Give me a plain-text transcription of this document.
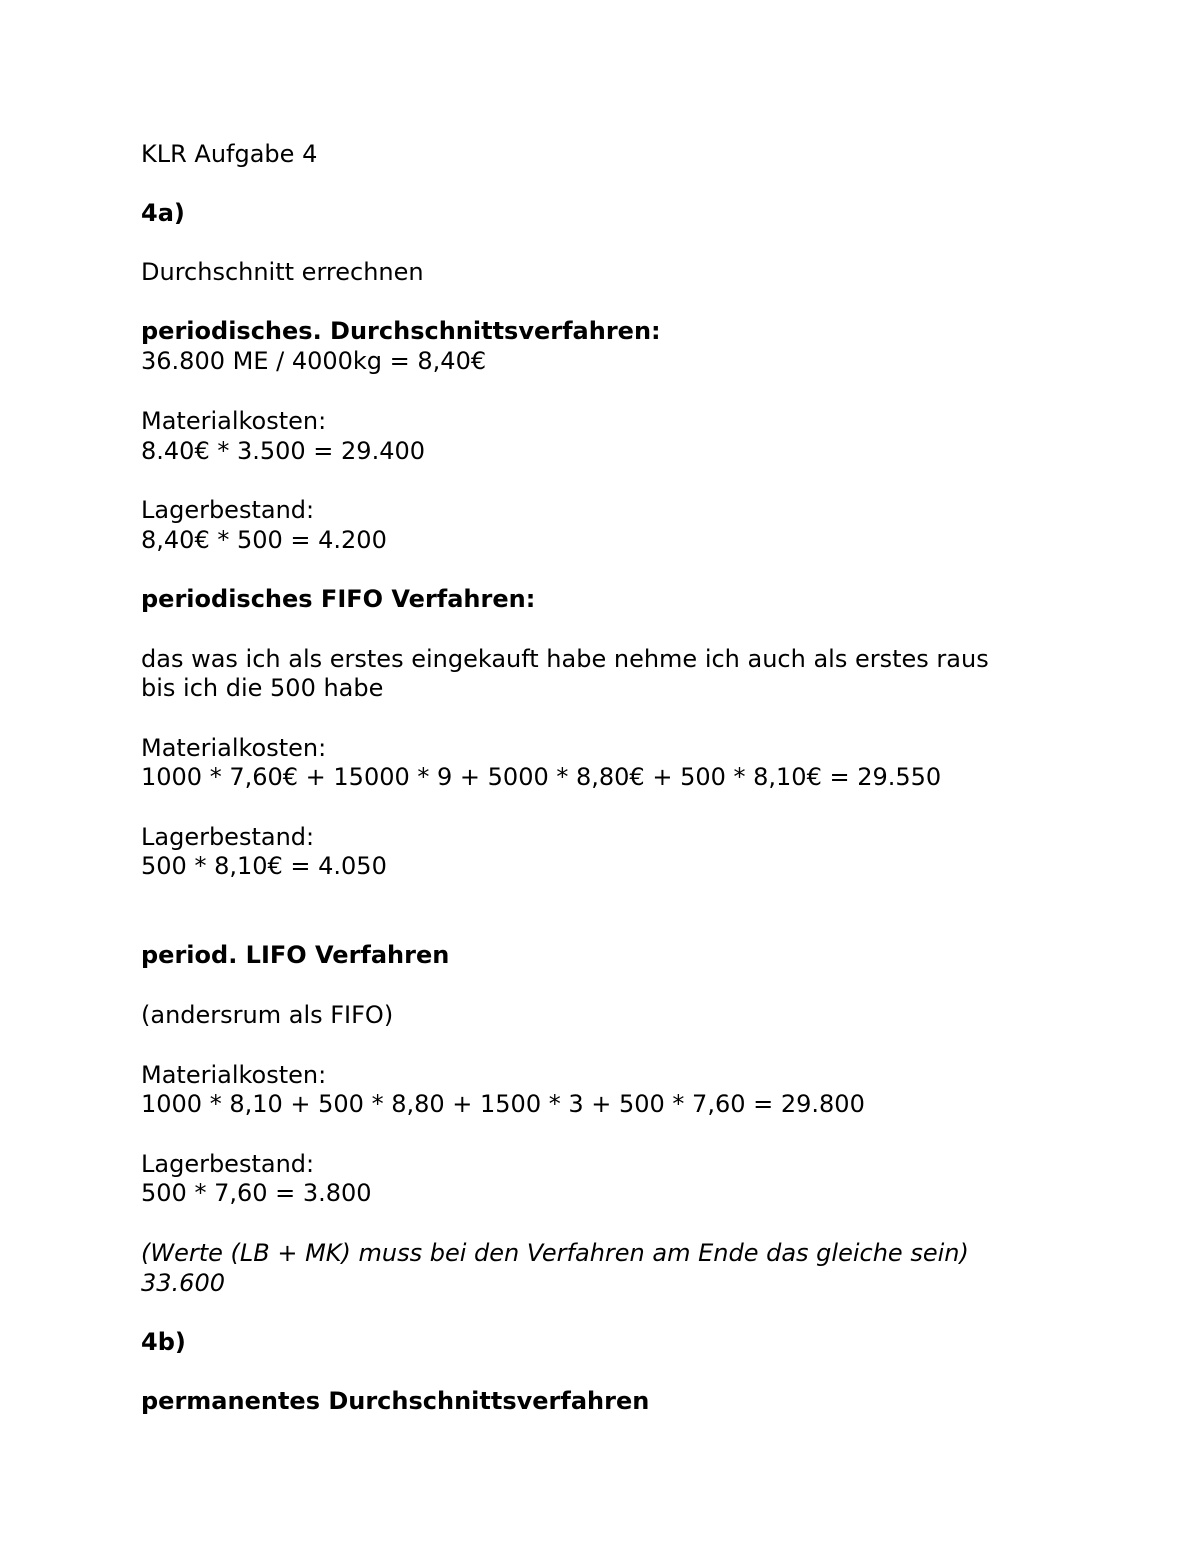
KLR Aufgabe 4
4a)
Durchschnitt errechnen
periodisches. Durchschnittsverfahren:
36.800 ME / 4000kg = 8,40€
Materialkosten:
8.40€ * 3.500 = 29.400
Lagerbestand:
8,40€ * 500 = 4.200
periodisches FIFO Verfahren:
das was ich als erstes eingekauft habe nehme ich auch als erstes raus
bis ich die 500 habe
Materialkosten:
1000 * 7,60€ + 15000 * 9 + 5000 * 8,80€ + 500 * 8,10€ = 29.550
Lagerbestand:
500 * 8,10€ = 4.050
period. LIFO Verfahren
(andersrum als FIFO)
Materialkosten:
1000 * 8,10 + 500 * 8,80 + 1500 * 3 + 500 * 7,60 = 29.800
Lagerbestand:
500 * 7,60 = 3.800
(Werte (LB + MK) muss bei den Verfahren am Ende das gleiche sein)
33.600
4b)
permanentes Durchschnittsverfahren
